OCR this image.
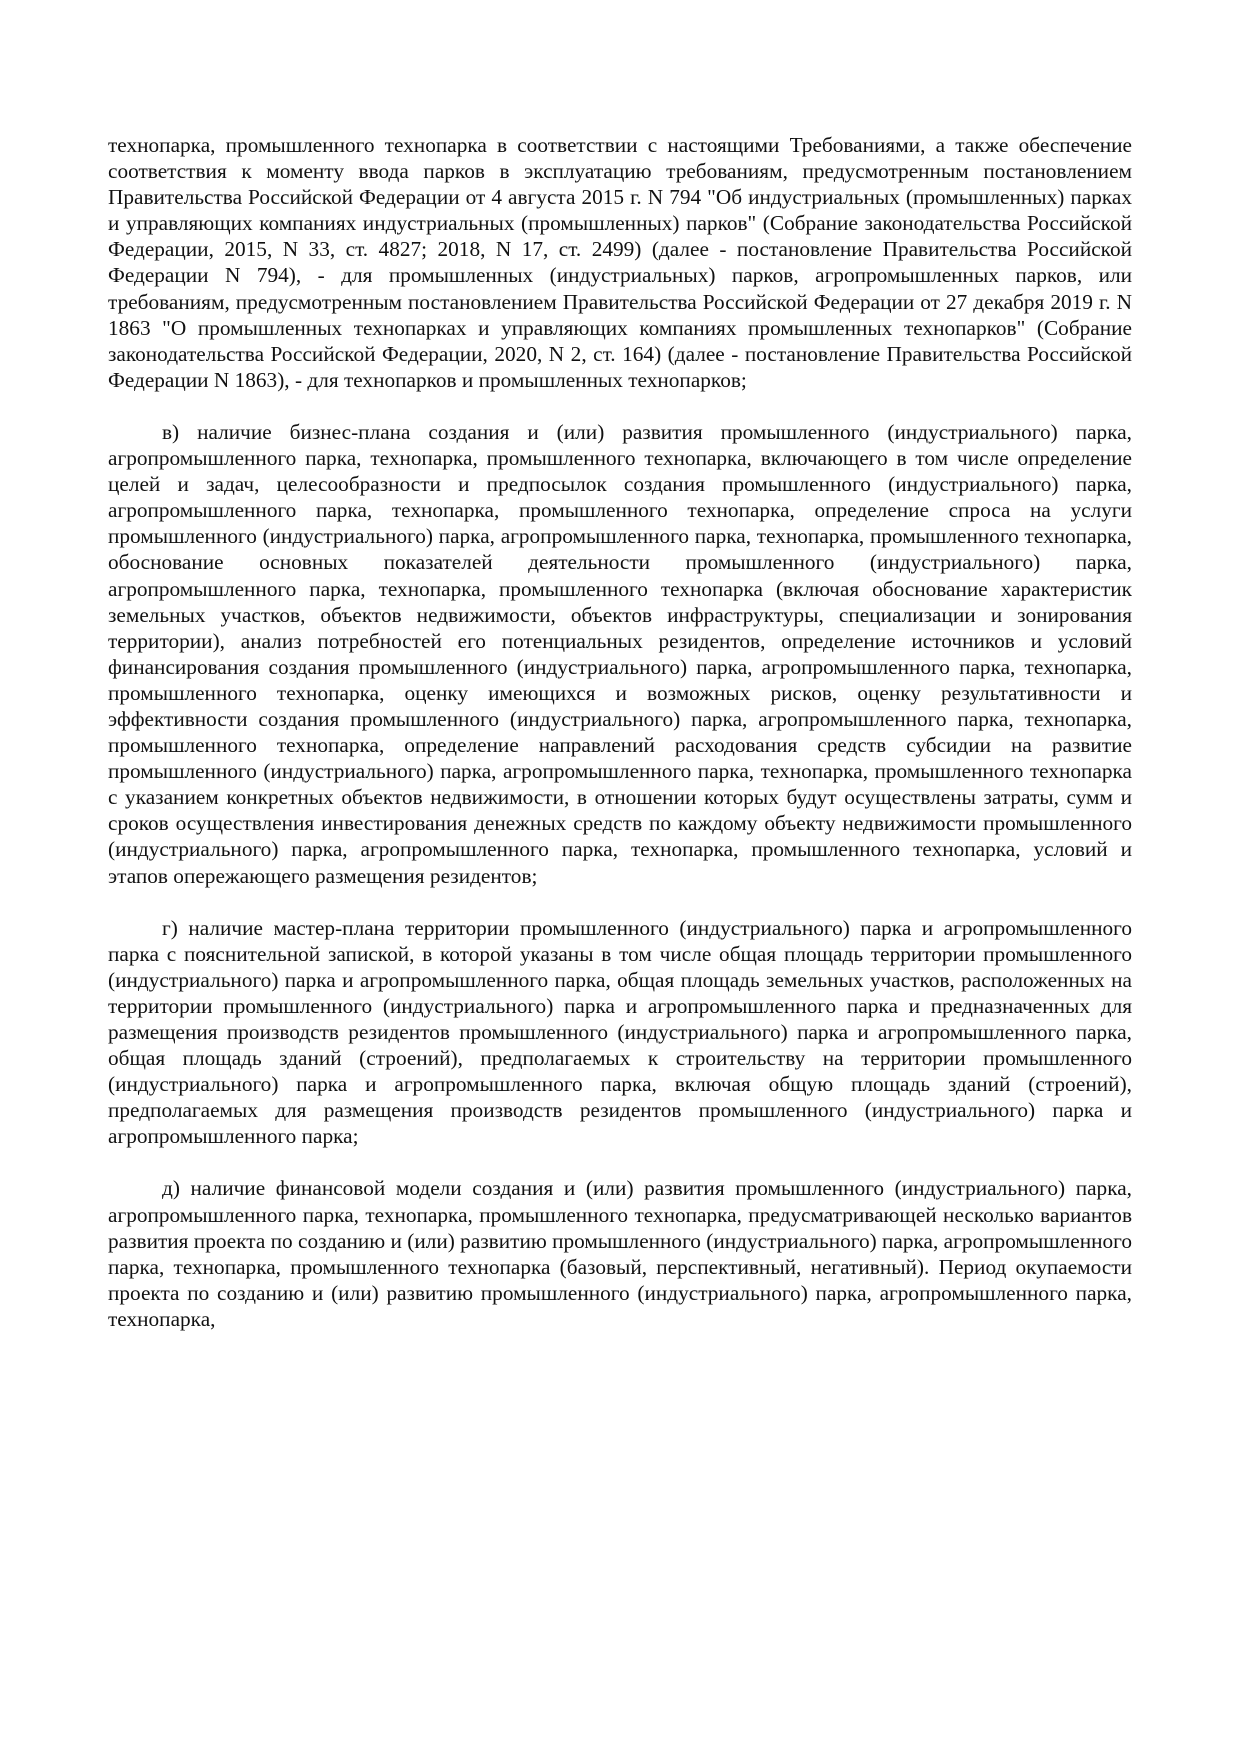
технопарка, промышленного технопарка в соответствии с настоящими Требованиями, а также обеспечение соответствия к моменту ввода парков в эксплуатацию требованиям, предусмотренным постановлением Правительства Российской Федерации от 4 августа 2015 г. N 794 "Об индустриальных (промышленных) парках и управляющих компаниях индустриальных (промышленных) парков" (Собрание законодательства Российской Федерации, 2015, N 33, ст. 4827; 2018, N 17, ст. 2499) (далее - постановление Правительства Российской Федерации N 794), - для промышленных (индустриальных) парков, агропромышленных парков, или требованиям, предусмотренным постановлением Правительства Российской Федерации от 27 декабря 2019 г. N 1863 "О промышленных технопарках и управляющих компаниях промышленных технопарков" (Собрание законодательства Российской Федерации, 2020, N 2, ст. 164) (далее - постановление Правительства Российской Федерации N 1863), - для технопарков и промышленных технопарков;

в) наличие бизнес-плана создания и (или) развития промышленного (индустриального) парка, агропромышленного парка, технопарка, промышленного технопарка, включающего в том числе определение целей и задач, целесообразности и предпосылок создания промышленного (индустриального) парка, агропромышленного парка, технопарка, промышленного технопарка, определение спроса на услуги промышленного (индустриального) парка, агропромышленного парка, технопарка, промышленного технопарка, обоснование основных показателей деятельности промышленного (индустриального) парка, агропромышленного парка, технопарка, промышленного технопарка (включая обоснование характеристик земельных участков, объектов недвижимости, объектов инфраструктуры, специализации и зонирования территории), анализ потребностей его потенциальных резидентов, определение источников и условий финансирования создания промышленного (индустриального) парка, агропромышленного парка, технопарка, промышленного технопарка, оценку имеющихся и возможных рисков, оценку результативности и эффективности создания промышленного (индустриального) парка, агропромышленного парка, технопарка, промышленного технопарка, определение направлений расходования средств субсидии на развитие промышленного (индустриального) парка, агропромышленного парка, технопарка, промышленного технопарка с указанием конкретных объектов недвижимости, в отношении которых будут осуществлены затраты, сумм и сроков осуществления инвестирования денежных средств по каждому объекту недвижимости промышленного (индустриального) парка, агропромышленного парка, технопарка, промышленного технопарка, условий и этапов опережающего размещения резидентов;

г) наличие мастер-плана территории промышленного (индустриального) парка и агропромышленного парка с пояснительной запиской, в которой указаны в том числе общая площадь территории промышленного (индустриального) парка и агропромышленного парка, общая площадь земельных участков, расположенных на территории промышленного (индустриального) парка и агропромышленного парка и предназначенных для размещения производств резидентов промышленного (индустриального) парка и агропромышленного парка, общая площадь зданий (строений), предполагаемых к строительству на территории промышленного (индустриального) парка и агропромышленного парка, включая общую площадь зданий (строений), предполагаемых для размещения производств резидентов промышленного (индустриального) парка и агропромышленного парка;

д) наличие финансовой модели создания и (или) развития промышленного (индустриального) парка, агропромышленного парка, технопарка, промышленного технопарка, предусматривающей несколько вариантов развития проекта по созданию и (или) развитию промышленного (индустриального) парка, агропромышленного парка, технопарка, промышленного технопарка (базовый, перспективный, негативный). Период окупаемости проекта по созданию и (или) развитию промышленного (индустриального) парка, агропромышленного парка, технопарка,
